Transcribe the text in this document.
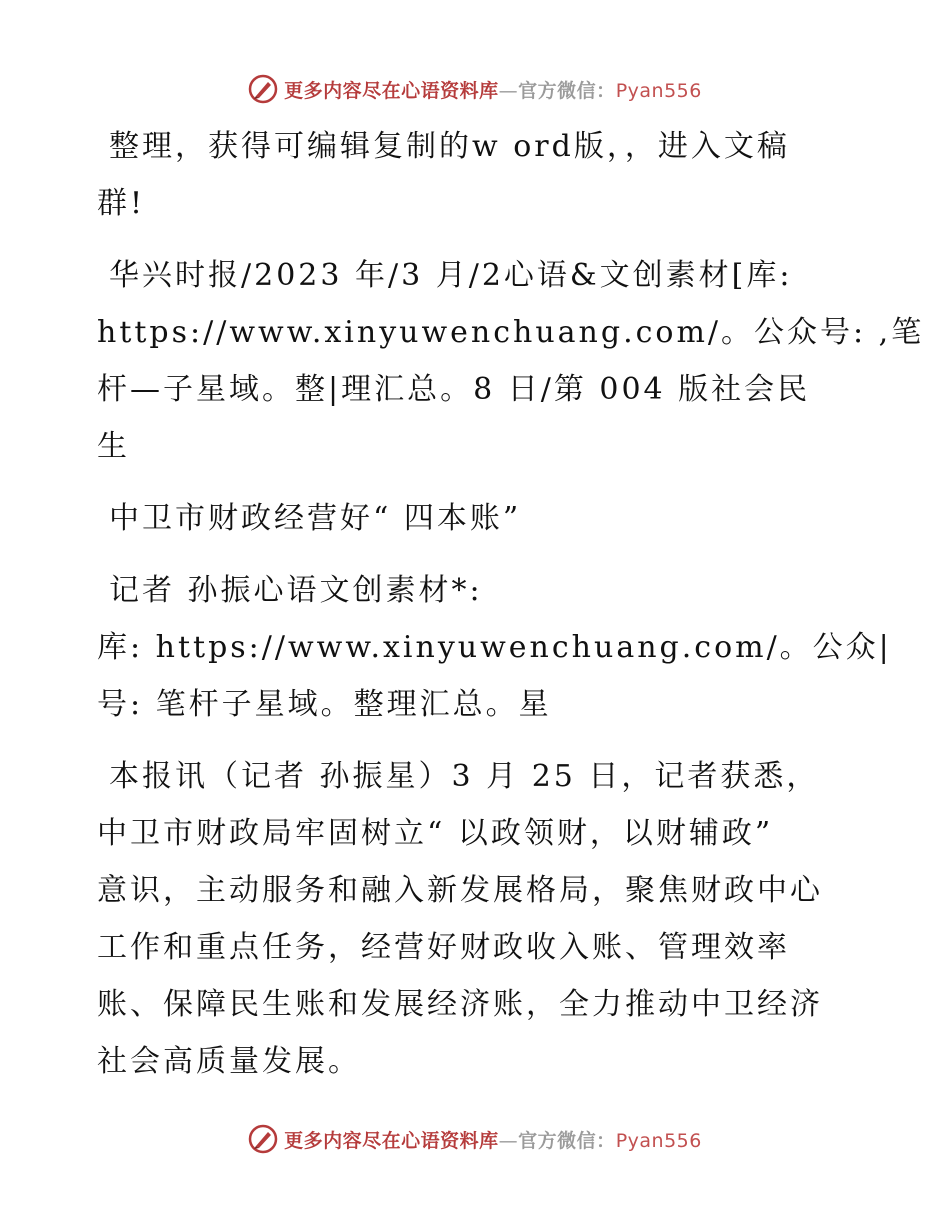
更多内容尽在心语资料库—官方微信：Pyan556

整理，获得可编辑复制的w ord版，，进入文稿
群!

华兴时报/2023 年/3 月/2心语&文创素材[库:
https://www.xinyuwenchuang.com/。公众号: ,笔
杆—子星域。整|理汇总。8 日/第 004 版社会民
生

中卫市财政经营好“ 四本账”

记者 孙振心语文创素材*:
库: https://www.xinyuwenchuang.com/。公众|
号: 笔杆子星域。整理汇总。星

本报讯（记者 孙振星）3 月 25 日，记者获悉，
中卫市财政局牢固树立“ 以政领财，以财辅政”
意识，主动服务和融入新发展格局，聚焦财政中心
工作和重点任务，经营好财政收入账、管理效率
账、保障民生账和发展经济账，全力推动中卫经济
社会高质量发展。

更多内容尽在心语资料库—官方微信：Pyan556
